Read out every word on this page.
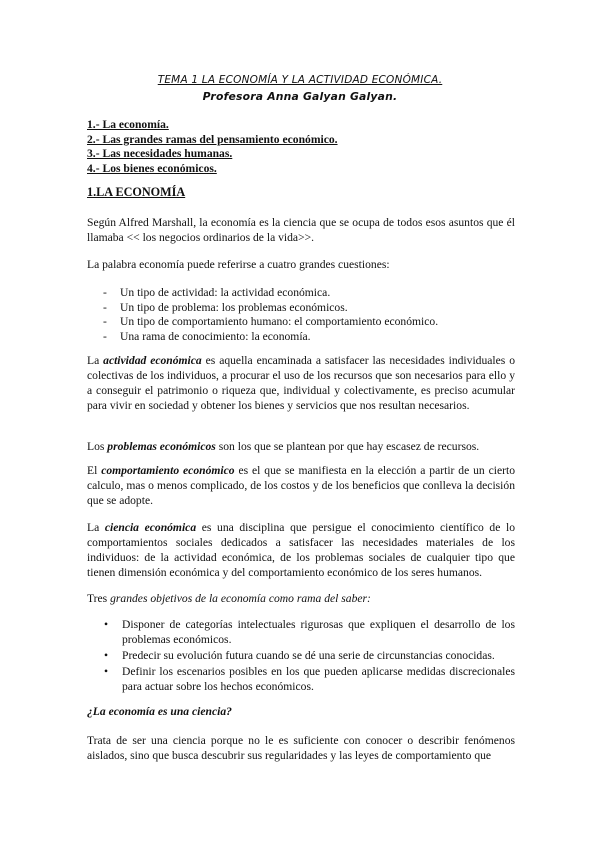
TEMA 1 LA ECONOMÍA Y LA ACTIVIDAD ECONÓMICA.
Profesora Anna Galyan Galyan.
1.- La economía.
2.- Las grandes ramas del pensamiento económico.
3.- Las necesidades humanas.
4.- Los bienes económicos.
1.LA ECONOMÍA
Según Alfred Marshall, la economía es la ciencia que se ocupa de todos esos asuntos que él llamaba << los negocios ordinarios de la vida>>.
La palabra economía puede referirse a cuatro grandes cuestiones:
- Un tipo de actividad: la actividad económica.
- Un tipo de problema: los problemas económicos.
- Un tipo de comportamiento humano: el comportamiento económico.
- Una rama de conocimiento: la economía.
La actividad económica es aquella encaminada a satisfacer las necesidades individuales o colectivas de los individuos, a procurar el uso de los recursos que son necesarios para ello y a conseguir el patrimonio o riqueza que, individual y colectivamente, es preciso acumular para vivir en sociedad y obtener los bienes y servicios que nos resultan necesarios.
Los problemas económicos son los que se plantean por que hay escasez de recursos.
El comportamiento económico es el que se manifiesta en la elección a partir de un cierto calculo, mas o menos complicado, de los costos y de los beneficios que conlleva la decisión que se adopte.
La ciencia económica es una disciplina que persigue el conocimiento científico de lo comportamientos sociales dedicados a satisfacer las necesidades materiales de los individuos: de la actividad económica, de los problemas sociales de cualquier tipo que tienen dimensión económica y del comportamiento económico de los seres humanos.
Tres grandes objetivos de la economía como rama del saber:
• Disponer de categorías intelectuales rigurosas que expliquen el desarrollo de los problemas económicos.
• Predecir su evolución futura cuando se dé una serie de circunstancias conocidas.
• Definir los escenarios posibles en los que pueden aplicarse medidas discrecionales para actuar sobre los hechos económicos.
¿La economía es una ciencia?
Trata de ser una ciencia porque no le es suficiente con conocer o describir fenómenos aislados, sino que busca descubrir sus regularidades y las leyes de comportamiento que
